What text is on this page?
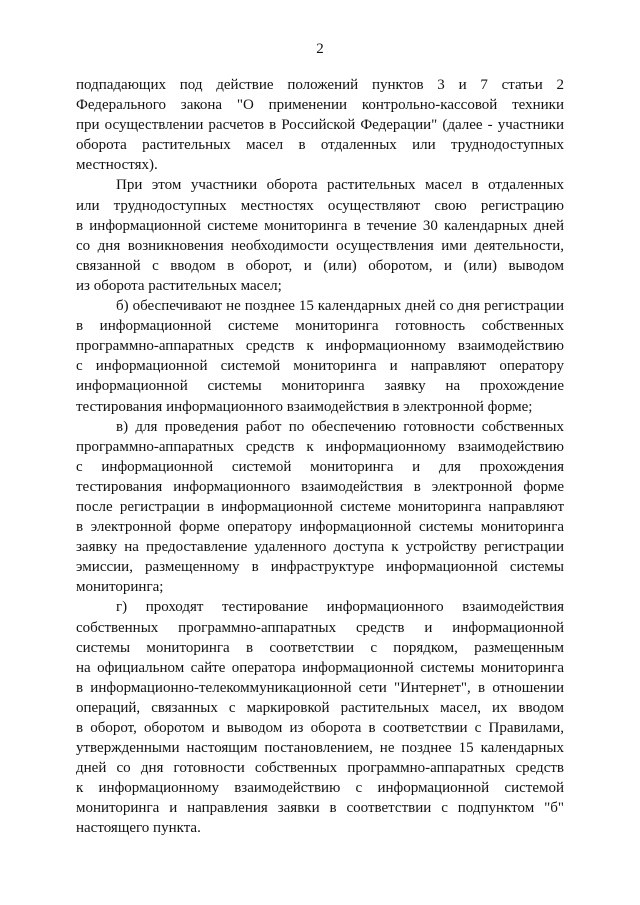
2
подпадающих под действие положений пунктов 3 и 7 статьи 2
Федерального закона "О применении контрольно-кассовой техники
при осуществлении расчетов в Российской Федерации" (далее - участники
оборота растительных масел в отдаленных или труднодоступных
местностях).
При этом участники оборота растительных масел в отдаленных
или труднодоступных местностях осуществляют свою регистрацию
в информационной системе мониторинга в течение 30 календарных дней
со дня возникновения необходимости осуществления ими деятельности,
связанной с вводом в оборот, и (или) оборотом, и (или) выводом
из оборота растительных масел;
б) обеспечивают не позднее 15 календарных дней со дня регистрации
в информационной системе мониторинга готовность собственных
программно-аппаратных средств к информационному взаимодействию
с информационной системой мониторинга и направляют оператору
информационной системы мониторинга заявку на прохождение
тестирования информационного взаимодействия в электронной форме;
в) для проведения работ по обеспечению готовности собственных
программно-аппаратных средств к информационному взаимодействию
с информационной системой мониторинга и для прохождения
тестирования информационного взаимодействия в электронной форме
после регистрации в информационной системе мониторинга направляют
в электронной форме оператору информационной системы мониторинга
заявку на предоставление удаленного доступа к устройству регистрации
эмиссии, размещенному в инфраструктуре информационной системы
мониторинга;
г) проходят тестирование информационного взаимодействия
собственных программно-аппаратных средств и информационной
системы мониторинга в соответствии с порядком, размещенным
на официальном сайте оператора информационной системы мониторинга
в информационно-телекоммуникационной сети "Интернет", в отношении
операций, связанных с маркировкой растительных масел, их вводом
в оборот, оборотом и выводом из оборота в соответствии с Правилами,
утвержденными настоящим постановлением, не позднее 15 календарных
дней со дня готовности собственных программно-аппаратных средств
к информационному взаимодействию с информационной системой
мониторинга и направления заявки в соответствии с подпунктом "б"
настоящего пункта.
